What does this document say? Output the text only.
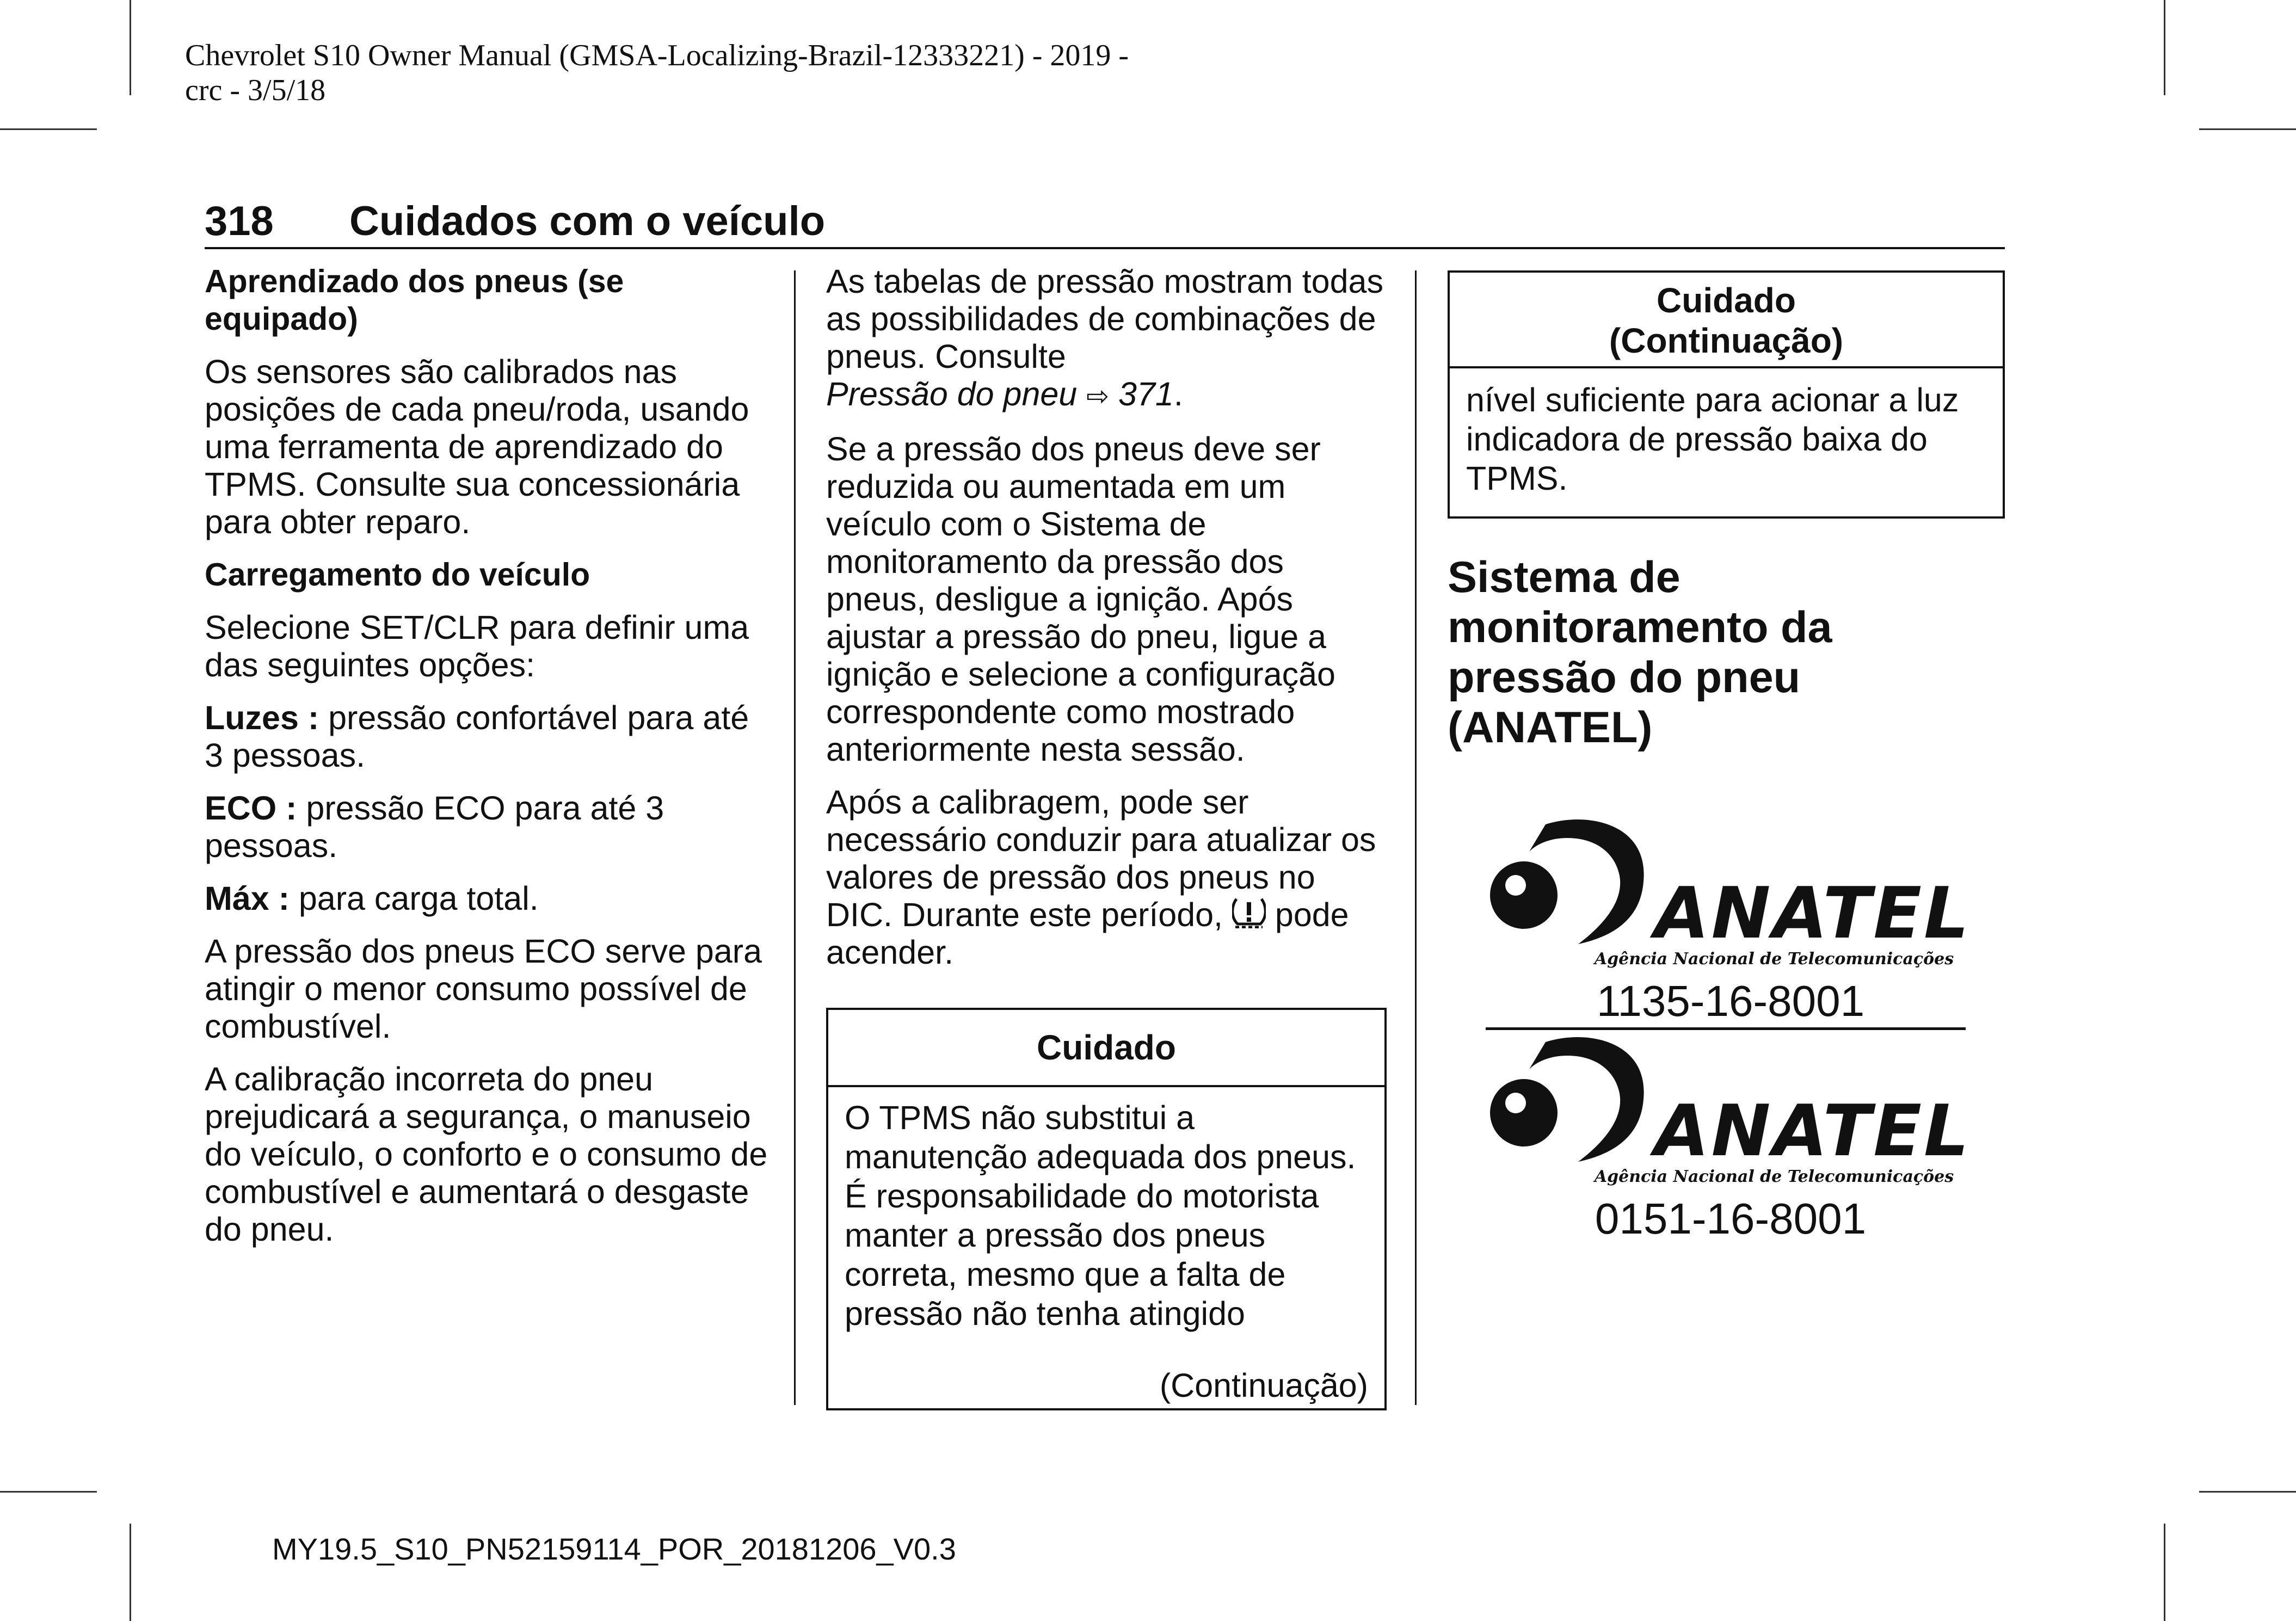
Chevrolet S10 Owner Manual (GMSA-Localizing-Brazil-12333221) - 2019 -
crc - 3/5/18
318 Cuidados com o veículo
Aprendizado dos pneus (se equipado)

Os sensores são calibrados nas posições de cada pneu/roda, usando uma ferramenta de aprendizado do TPMS. Consulte sua concessionária para obter reparo.

Carregamento do veículo

Selecione SET/CLR para definir uma das seguintes opções:

Luzes : pressão confortável para até 3 pessoas.

ECO : pressão ECO para até 3 pessoas.

Máx : para carga total.

A pressão dos pneus ECO serve para atingir o menor consumo possível de combustível.

A calibração incorreta do pneu prejudicará a segurança, o manuseio do veículo, o conforto e o consumo de combustível e aumentará o desgaste do pneu.

As tabelas de pressão mostram todas as possibilidades de combinações de pneus. Consulte
Pressão do pneu ⇨ 371.

Se a pressão dos pneus deve ser reduzida ou aumentada em um veículo com o Sistema de monitoramento da pressão dos pneus, desligue a ignição. Após ajustar a pressão do pneu, ligue a ignição e selecione a configuração correspondente como mostrado anteriormente nesta sessão.

Após a calibragem, pode ser necessário conduzir para atualizar os valores de pressão dos pneus no DIC. Durante este período, pode acender.

Cuidado
O TPMS não substitui a manutenção adequada dos pneus. É responsabilidade do motorista manter a pressão dos pneus correta, mesmo que a falta de pressão não tenha atingido
(Continuação)
Cuidado
(Continuação)
nível suficiente para acionar a luz indicadora de pressão baixa do TPMS.
Sistema de monitoramento da pressão do pneu (ANATEL)
ANATEL
Agência Nacional de Telecomunicações
1135-16-8001
ANATEL
Agência Nacional de Telecomunicações
0151-16-8001
MY19.5_S10_PN52159114_POR_20181206_V0.3
